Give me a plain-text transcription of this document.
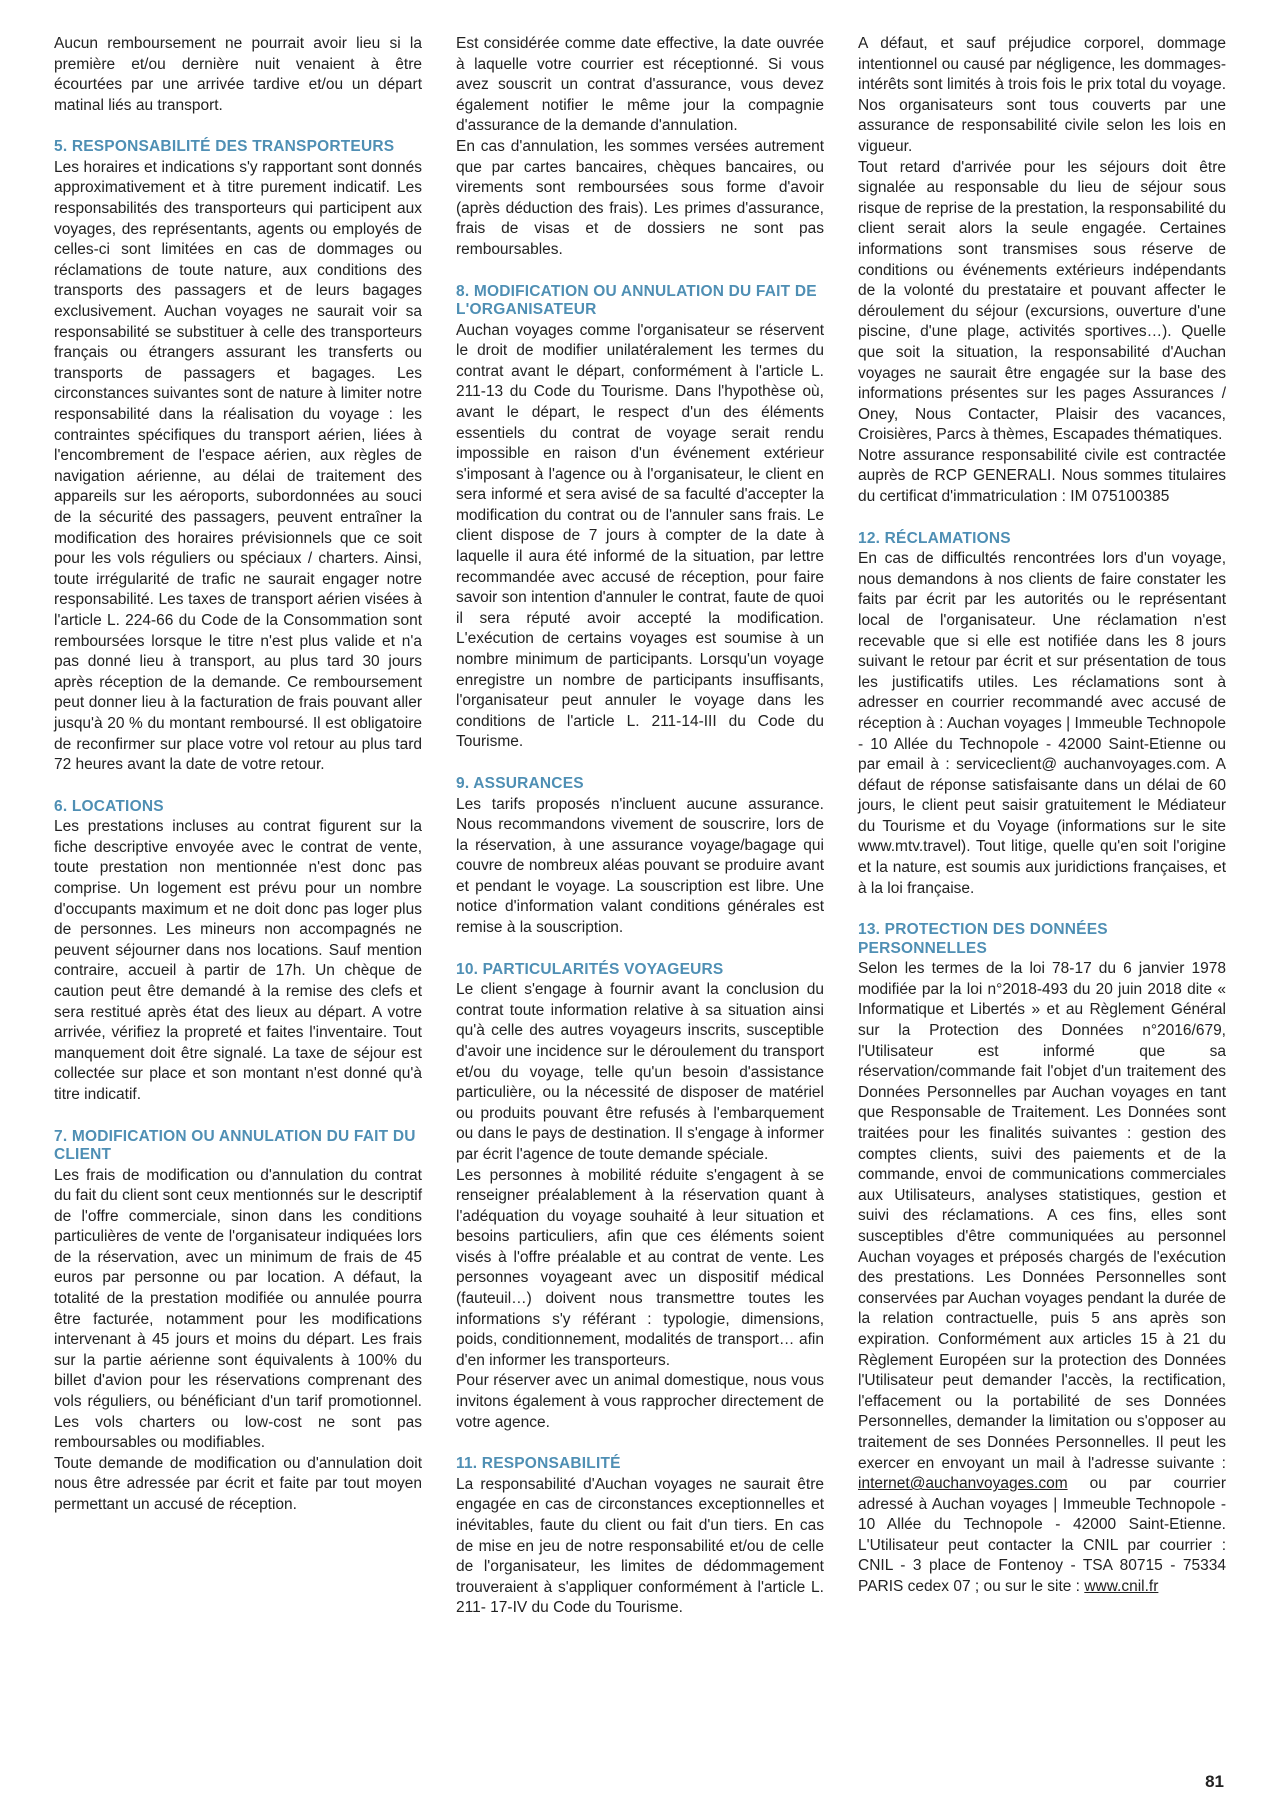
Aucun remboursement ne pourrait avoir lieu si la première et/ou dernière nuit venaient à être écourtées par une arrivée tardive et/ou un départ matinal liés au transport.

5. RESPONSABILITÉ DES TRANSPORTEURS

Les horaires et indications s'y rapportant sont donnés approximativement et à titre purement indicatif. Les responsabilités des transporteurs qui participent aux voyages, des représentants, agents ou employés de celles-ci sont limitées en cas de dommages ou réclamations de toute nature, aux conditions des transports des passagers et de leurs bagages exclusivement. Auchan voyages ne saurait voir sa responsabilité se substituer à celle des transporteurs français ou étrangers assurant les transferts ou transports de passagers et bagages. Les circonstances suivantes sont de nature à limiter notre responsabilité dans la réalisation du voyage : les contraintes spécifiques du transport aérien, liées à l'encombrement de l'espace aérien, aux règles de navigation aérienne, au délai de traitement des appareils sur les aéroports, subordonnées au souci de la sécurité des passagers, peuvent entraîner la modification des horaires prévisionnels que ce soit pour les vols réguliers ou spéciaux / charters. Ainsi, toute irrégularité de trafic ne saurait engager notre responsabilité. Les taxes de transport aérien visées à l'article L. 224-66 du Code de la Consommation sont remboursées lorsque le titre n'est plus valide et n'a pas donné lieu à transport, au plus tard 30 jours après réception de la demande. Ce remboursement peut donner lieu à la facturation de frais pouvant aller jusqu'à 20 % du montant remboursé. Il est obligatoire de reconfirmer sur place votre vol retour au plus tard 72 heures avant la date de votre retour.

6. LOCATIONS

Les prestations incluses au contrat figurent sur la fiche descriptive envoyée avec le contrat de vente, toute prestation non mentionnée n'est donc pas comprise. Un logement est prévu pour un nombre d'occupants maximum et ne doit donc pas loger plus de personnes. Les mineurs non accompagnés ne peuvent séjourner dans nos locations. Sauf mention contraire, accueil à partir de 17h. Un chèque de caution peut être demandé à la remise des clefs et sera restitué après état des lieux au départ. A votre arrivée, vérifiez la propreté et faites l'inventaire. Tout manquement doit être signalé. La taxe de séjour est collectée sur place et son montant n'est donné qu'à titre indicatif.

7. MODIFICATION OU ANNULATION DU FAIT DU CLIENT

Les frais de modification ou d'annulation du contrat du fait du client sont ceux mentionnés sur le descriptif de l'offre commerciale, sinon dans les conditions particulières de vente de l'organisateur indiquées lors de la réservation, avec un minimum de frais de 45 euros par personne ou par location. A défaut, la totalité de la prestation modifiée ou annulée pourra être facturée, notamment pour les modifications intervenant à 45 jours et moins du départ. Les frais sur la partie aérienne sont équivalents à 100% du billet d'avion pour les réservations comprenant des vols réguliers, ou bénéficiant d'un tarif promotionnel. Les vols charters ou low-cost ne sont pas remboursables ou modifiables.

Toute demande de modification ou d'annulation doit nous être adressée par écrit et faite par tout moyen permettant un accusé de réception.

Est considérée comme date effective, la date ouvrée à laquelle votre courrier est réceptionné. Si vous avez souscrit un contrat d'assurance, vous devez également notifier le même jour la compagnie d'assurance de la demande d'annulation.

En cas d'annulation, les sommes versées autrement que par cartes bancaires, chèques bancaires, ou virements sont remboursées sous forme d'avoir (après déduction des frais). Les primes d'assurance, frais de visas et de dossiers ne sont pas remboursables.

8. MODIFICATION OU ANNULATION DU FAIT DE L'ORGANISATEUR

Auchan voyages comme l'organisateur se réservent le droit de modifier unilatéralement les termes du contrat avant le départ, conformément à l'article L. 211-13 du Code du Tourisme. Dans l'hypothèse où, avant le départ, le respect d'un des éléments essentiels du contrat de voyage serait rendu impossible en raison d'un événement extérieur s'imposant à l'agence ou à l'organisateur, le client en sera informé et sera avisé de sa faculté d'accepter la modification du contrat ou de l'annuler sans frais. Le client dispose de 7 jours à compter de la date à laquelle il aura été informé de la situation, par lettre recommandée avec accusé de réception, pour faire savoir son intention d'annuler le contrat, faute de quoi il sera réputé avoir accepté la modification. L'exécution de certains voyages est soumise à un nombre minimum de participants. Lorsqu'un voyage enregistre un nombre de participants insuffisants, l'organisateur peut annuler le voyage dans les conditions de l'article L. 211-14-III du Code du Tourisme.

9. ASSURANCES

Les tarifs proposés n'incluent aucune assurance. Nous recommandons vivement de souscrire, lors de la réservation, à une assurance voyage/bagage qui couvre de nombreux aléas pouvant se produire avant et pendant le voyage. La souscription est libre. Une notice d'information valant conditions générales est remise à la souscription.

10. PARTICULARITÉS VOYAGEURS

Le client s'engage à fournir avant la conclusion du contrat toute information relative à sa situation ainsi qu'à celle des autres voyageurs inscrits, susceptible d'avoir une incidence sur le déroulement du transport et/ou du voyage, telle qu'un besoin d'assistance particulière, ou la nécessité de disposer de matériel ou produits pouvant être refusés à l'embarquement ou dans le pays de destination. Il s'engage à informer par écrit l'agence de toute demande spéciale.

Les personnes à mobilité réduite s'engagent à se renseigner préalablement à la réservation quant à l'adéquation du voyage souhaité à leur situation et besoins particuliers, afin que ces éléments soient visés à l'offre préalable et au contrat de vente. Les personnes voyageant avec un dispositif médical (fauteuil…) doivent nous transmettre toutes les informations s'y référant : typologie, dimensions, poids, conditionnement, modalités de transport… afin d'en informer les transporteurs.

Pour réserver avec un animal domestique, nous vous invitons également à vous rapprocher directement de votre agence.

11. RESPONSABILITÉ

La responsabilité d'Auchan voyages ne saurait être engagée en cas de circonstances exceptionnelles et inévitables, faute du client ou fait d'un tiers. En cas de mise en jeu de notre responsabilité et/ou de celle de l'organisateur, les limites de dédommagement trouveraient à s'appliquer conformément à l'article L. 211- 17-IV du Code du Tourisme.

A défaut, et sauf préjudice corporel, dommage intentionnel ou causé par négligence, les dommages-intérêts sont limités à trois fois le prix total du voyage. Nos organisateurs sont tous couverts par une assurance de responsabilité civile selon les lois en vigueur.

Tout retard d'arrivée pour les séjours doit être signalée au responsable du lieu de séjour sous risque de reprise de la prestation, la responsabilité du client serait alors la seule engagée. Certaines informations sont transmises sous réserve de conditions ou événements extérieurs indépendants de la volonté du prestataire et pouvant affecter le déroulement du séjour (excursions, ouverture d'une piscine, d'une plage, activités sportives…). Quelle que soit la situation, la responsabilité d'Auchan voyages ne saurait être engagée sur la base des informations présentes sur les pages Assurances / Oney, Nous Contacter, Plaisir des vacances, Croisières, Parcs à thèmes, Escapades thématiques.

Notre assurance responsabilité civile est contractée auprès de RCP GENERALI. Nous sommes titulaires du certificat d'immatriculation : IM 075100385

12. RÉCLAMATIONS

En cas de difficultés rencontrées lors d'un voyage, nous demandons à nos clients de faire constater les faits par écrit par les autorités ou le représentant local de l'organisateur. Une réclamation n'est recevable que si elle est notifiée dans les 8 jours suivant le retour par écrit et sur présentation de tous les justificatifs utiles. Les réclamations sont à adresser en courrier recommandé avec accusé de réception à : Auchan voyages | Immeuble Technopole - 10 Allée du Technopole - 42000 Saint-Etienne ou par email à : serviceclient@ auchanvoyages.com. A défaut de réponse satisfaisante dans un délai de 60 jours, le client peut saisir gratuitement le Médiateur du Tourisme et du Voyage (informations sur le site www.mtv.travel). Tout litige, quelle qu'en soit l'origine et la nature, est soumis aux juridictions françaises, et à la loi française.

13. PROTECTION DES DONNÉES PERSONNELLES

Selon les termes de la loi 78-17 du 6 janvier 1978 modifiée par la loi n°2018-493 du 20 juin 2018 dite « Informatique et Libertés » et au Règlement Général sur la Protection des Données n°2016/679, l'Utilisateur est informé que sa réservation/commande fait l'objet d'un traitement des Données Personnelles par Auchan voyages en tant que Responsable de Traitement. Les Données sont traitées pour les finalités suivantes : gestion des comptes clients, suivi des paiements et de la commande, envoi de communications commerciales aux Utilisateurs, analyses statistiques, gestion et suivi des réclamations. A ces fins, elles sont susceptibles d'être communiquées au personnel Auchan voyages et préposés chargés de l'exécution des prestations. Les Données Personnelles sont conservées par Auchan voyages pendant la durée de la relation contractuelle, puis 5 ans après son expiration. Conformément aux articles 15 à 21 du Règlement Européen sur la protection des Données l'Utilisateur peut demander l'accès, la rectification, l'effacement ou la portabilité de ses Données Personnelles, demander la limitation ou s'opposer au traitement de ses Données Personnelles. Il peut les exercer en envoyant un mail à l'adresse suivante : internet@auchanvoyages.com ou par courrier adressé à Auchan voyages | Immeuble Technopole - 10 Allée du Technopole - 42000 Saint-Etienne. L'Utilisateur peut contacter la CNIL par courrier : CNIL - 3 place de Fontenoy - TSA 80715 - 75334 PARIS cedex 07 ; ou sur le site : www.cnil.fr

81
